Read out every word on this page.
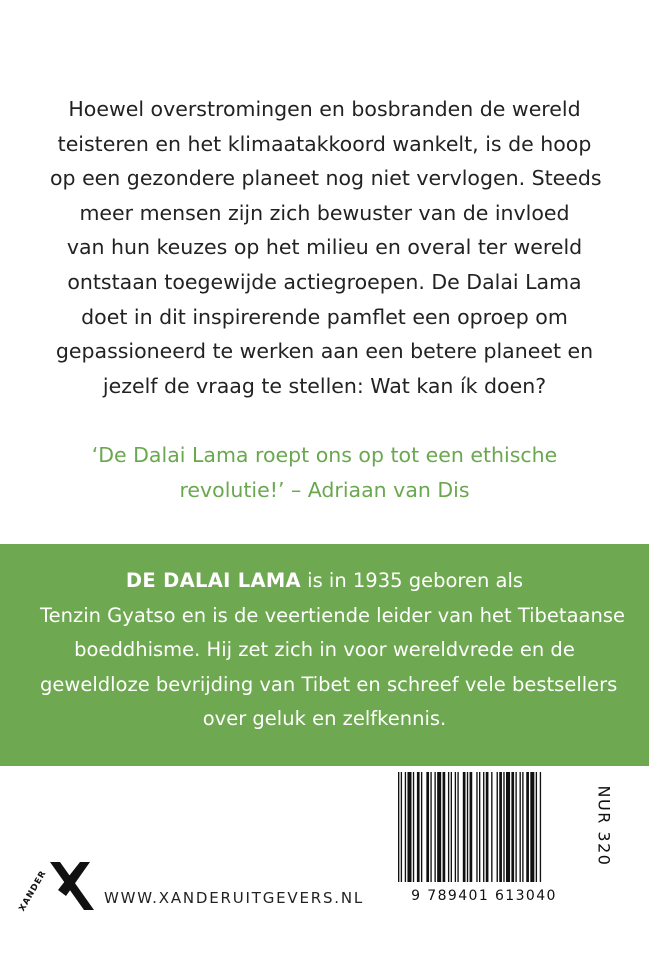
Hoewel overstromingen en bosbranden de wereld
teisteren en het klimaatakkoord wankelt, is de hoop
op een gezondere planeet nog niet vervlogen. Steeds
meer mensen zijn zich bewuster van de invloed
van hun keuzes op het milieu en overal ter wereld
ontstaan toegewijde actiegroepen. De Dalai Lama
doet in dit inspirerende pamflet een oproep om
gepassioneerd te werken aan een betere planeet en
jezelf de vraag te stellen: Wat kan ík doen?
‘De Dalai Lama roept ons op tot een ethische
revolutie!’ – Adriaan van Dis
DE DALAI LAMA is in 1935 geboren als
Tenzin Gyatso en is de veertiende leider van het Tibetaanse
boeddhisme. Hij zet zich in voor wereldvrede en de
geweldloze bevrijding van Tibet en schreef vele bestsellers
over geluk en zelfkennis.
9 789401 613040
NUR 320
XANDER	WWW.XANDERUITGEVERS.NL
